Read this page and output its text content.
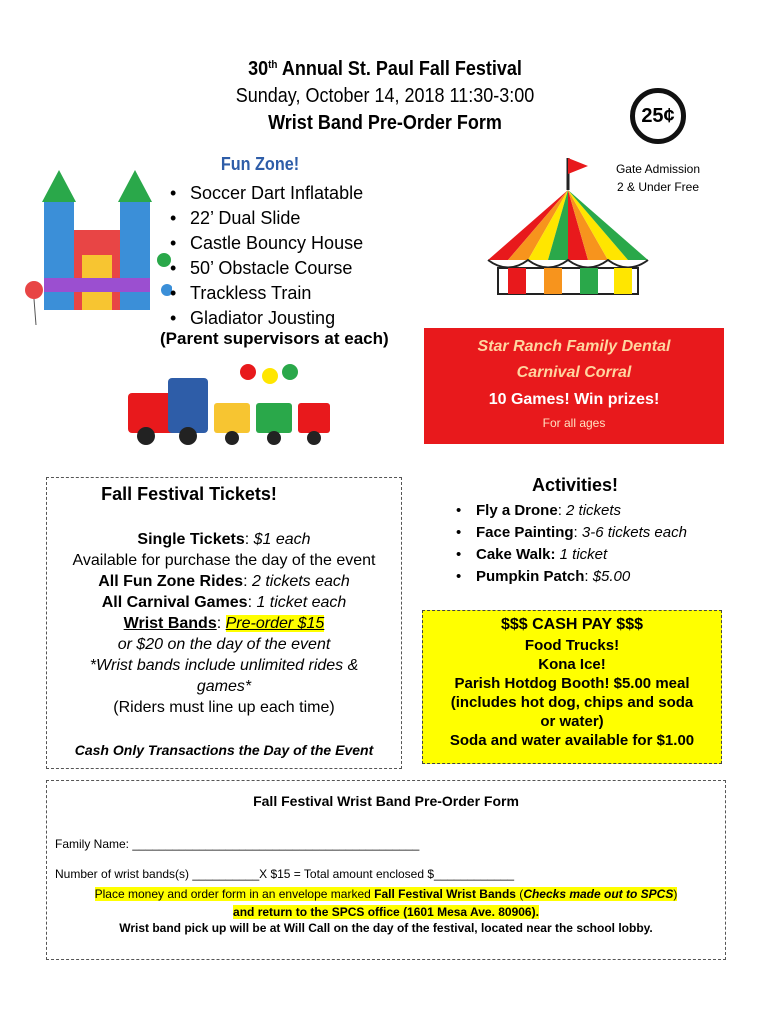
30th Annual St. Paul Fall Festival
Sunday, October 14, 2018 11:30-3:00
Wrist Band Pre-Order Form	25¢
Gate Admission
2 & Under Free
Fun Zone!
• Soccer Dart Inflatable
• 22’ Dual Slide
• Castle Bouncy House
• 50’ Obstacle Course
• Trackless Train
• Gladiator Jousting
(Parent supervisors at each)	Star Ranch Family Dental
Carnival Corral
10 Games! Win prizes!
For all ages
Fall Festival Tickets!
Single Tickets: $1 each
Available for purchase the day of the event
All Fun Zone Rides: 2 tickets each
All Carnival Games: 1 ticket each
Wrist Bands: Pre-order $15
or $20 on the day of the event
*Wrist bands include unlimited rides & games*
(Riders must line up each time)
Cash Only Transactions the Day of the Event
Activities!
• Fly a Drone: 2 tickets
• Face Painting: 3-6 tickets each
• Cake Walk: 1 ticket
• Pumpkin Patch: $5.00
$$$ CASH PAY $$$
Food Trucks!
Kona Ice!
Parish Hotdog Booth! $5.00 meal
(includes hot dog, chips and soda
or water)
Soda and water available for $1.00
Fall Festival Wrist Band Pre-Order Form
Family Name: ___________________________________________
Number of wrist bands(s) __________X $15 = Total amount enclosed $____________
Place money and order form in an envelope marked Fall Festival Wrist Bands (Checks made out to SPCS)
and return to the SPCS office (1601 Mesa Ave. 80906).
Wrist band pick up will be at Will Call on the day of the festival, located near the school lobby.
